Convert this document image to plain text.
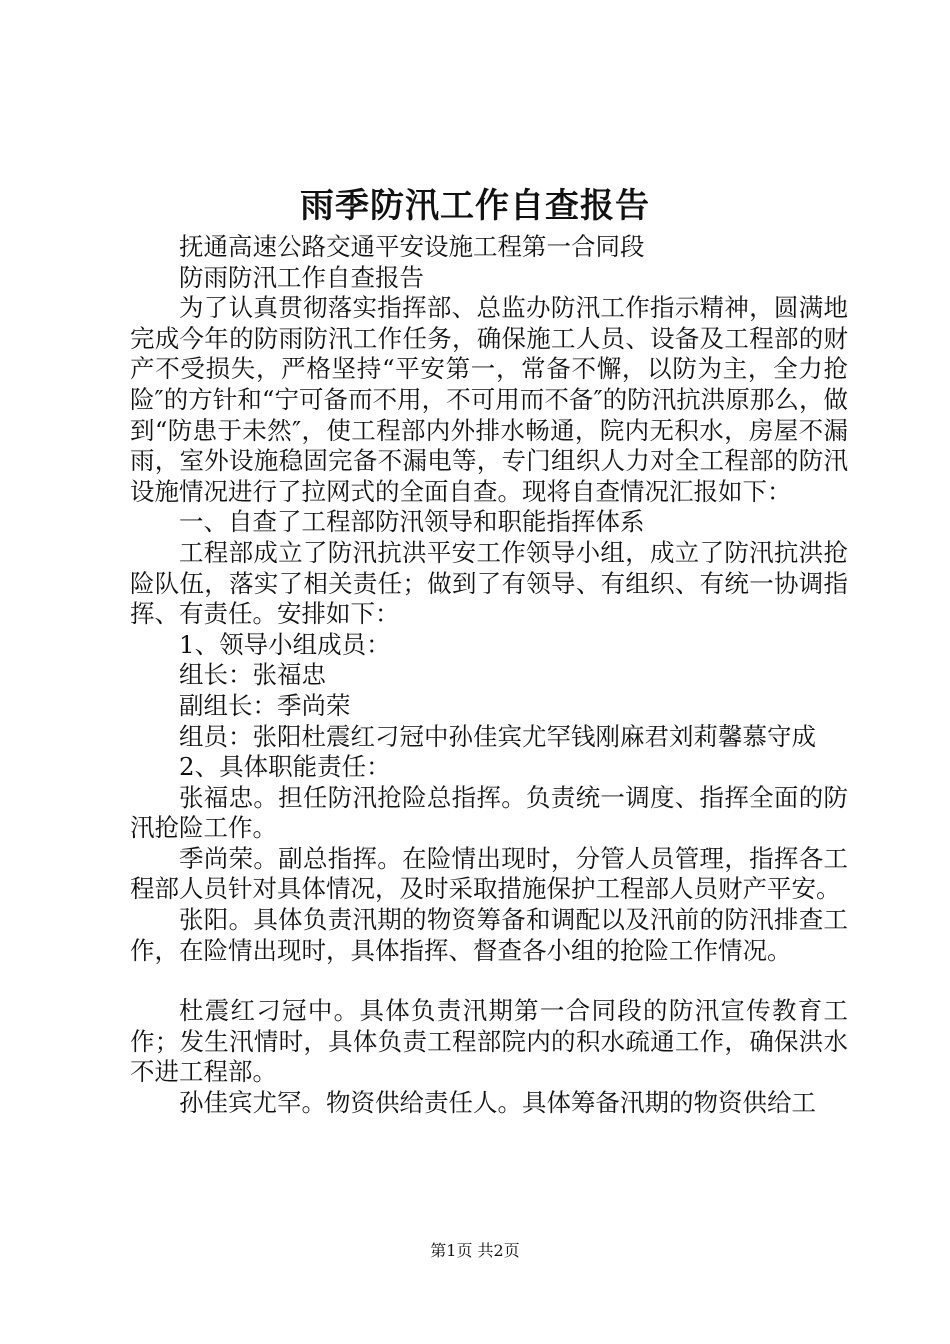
雨季防汛工作自查报告

抚通高速公路交通平安设施工程第一合同段

防雨防汛工作自查报告

为了认真贯彻落实指挥部、总监办防汛工作指示精神，圆满地完成今年的防雨防汛工作任务，确保施工人员、设备及工程部的财产不受损失，严格坚持“平安第一，常备不懈，以防为主，全力抢险″的方针和“宁可备而不用，不可用而不备″的防汛抗洪原那么，做到“防患于未然″，使工程部内外排水畅通，院内无积水，房屋不漏雨，室外设施稳固完备不漏电等，专门组织人力对全工程部的防汛设施情况进行了拉网式的全面自查。现将自查情况汇报如下：

一、自查了工程部防汛领导和职能指挥体系

工程部成立了防汛抗洪平安工作领导小组，成立了防汛抗洪抢险队伍，落实了相关责任；做到了有领导、有组织、有统一协调指挥、有责任。安排如下：

1、领导小组成员：

组长：张福忠

副组长：季尚荣

组员：张阳杜震红刁冠中孙佳宾尤罕钱刚麻君刘莉馨慕守成

2、具体职能责任：

张福忠。担任防汛抢险总指挥。负责统一调度、指挥全面的防汛抢险工作。

季尚荣。副总指挥。在险情出现时，分管人员管理，指挥各工程部人员针对具体情况，及时采取措施保护工程部人员财产平安。

张阳。具体负责汛期的物资筹备和调配以及汛前的防汛排查工作，在险情出现时，具体指挥、督查各小组的抢险工作情况。

杜震红刁冠中。具体负责汛期第一合同段的防汛宣传教育工作；发生汛情时，具体负责工程部院内的积水疏通工作，确保洪水不进工程部。

孙佳宾尤罕。物资供给责任人。具体筹备汛期的物资供给工

第1页 共2页
